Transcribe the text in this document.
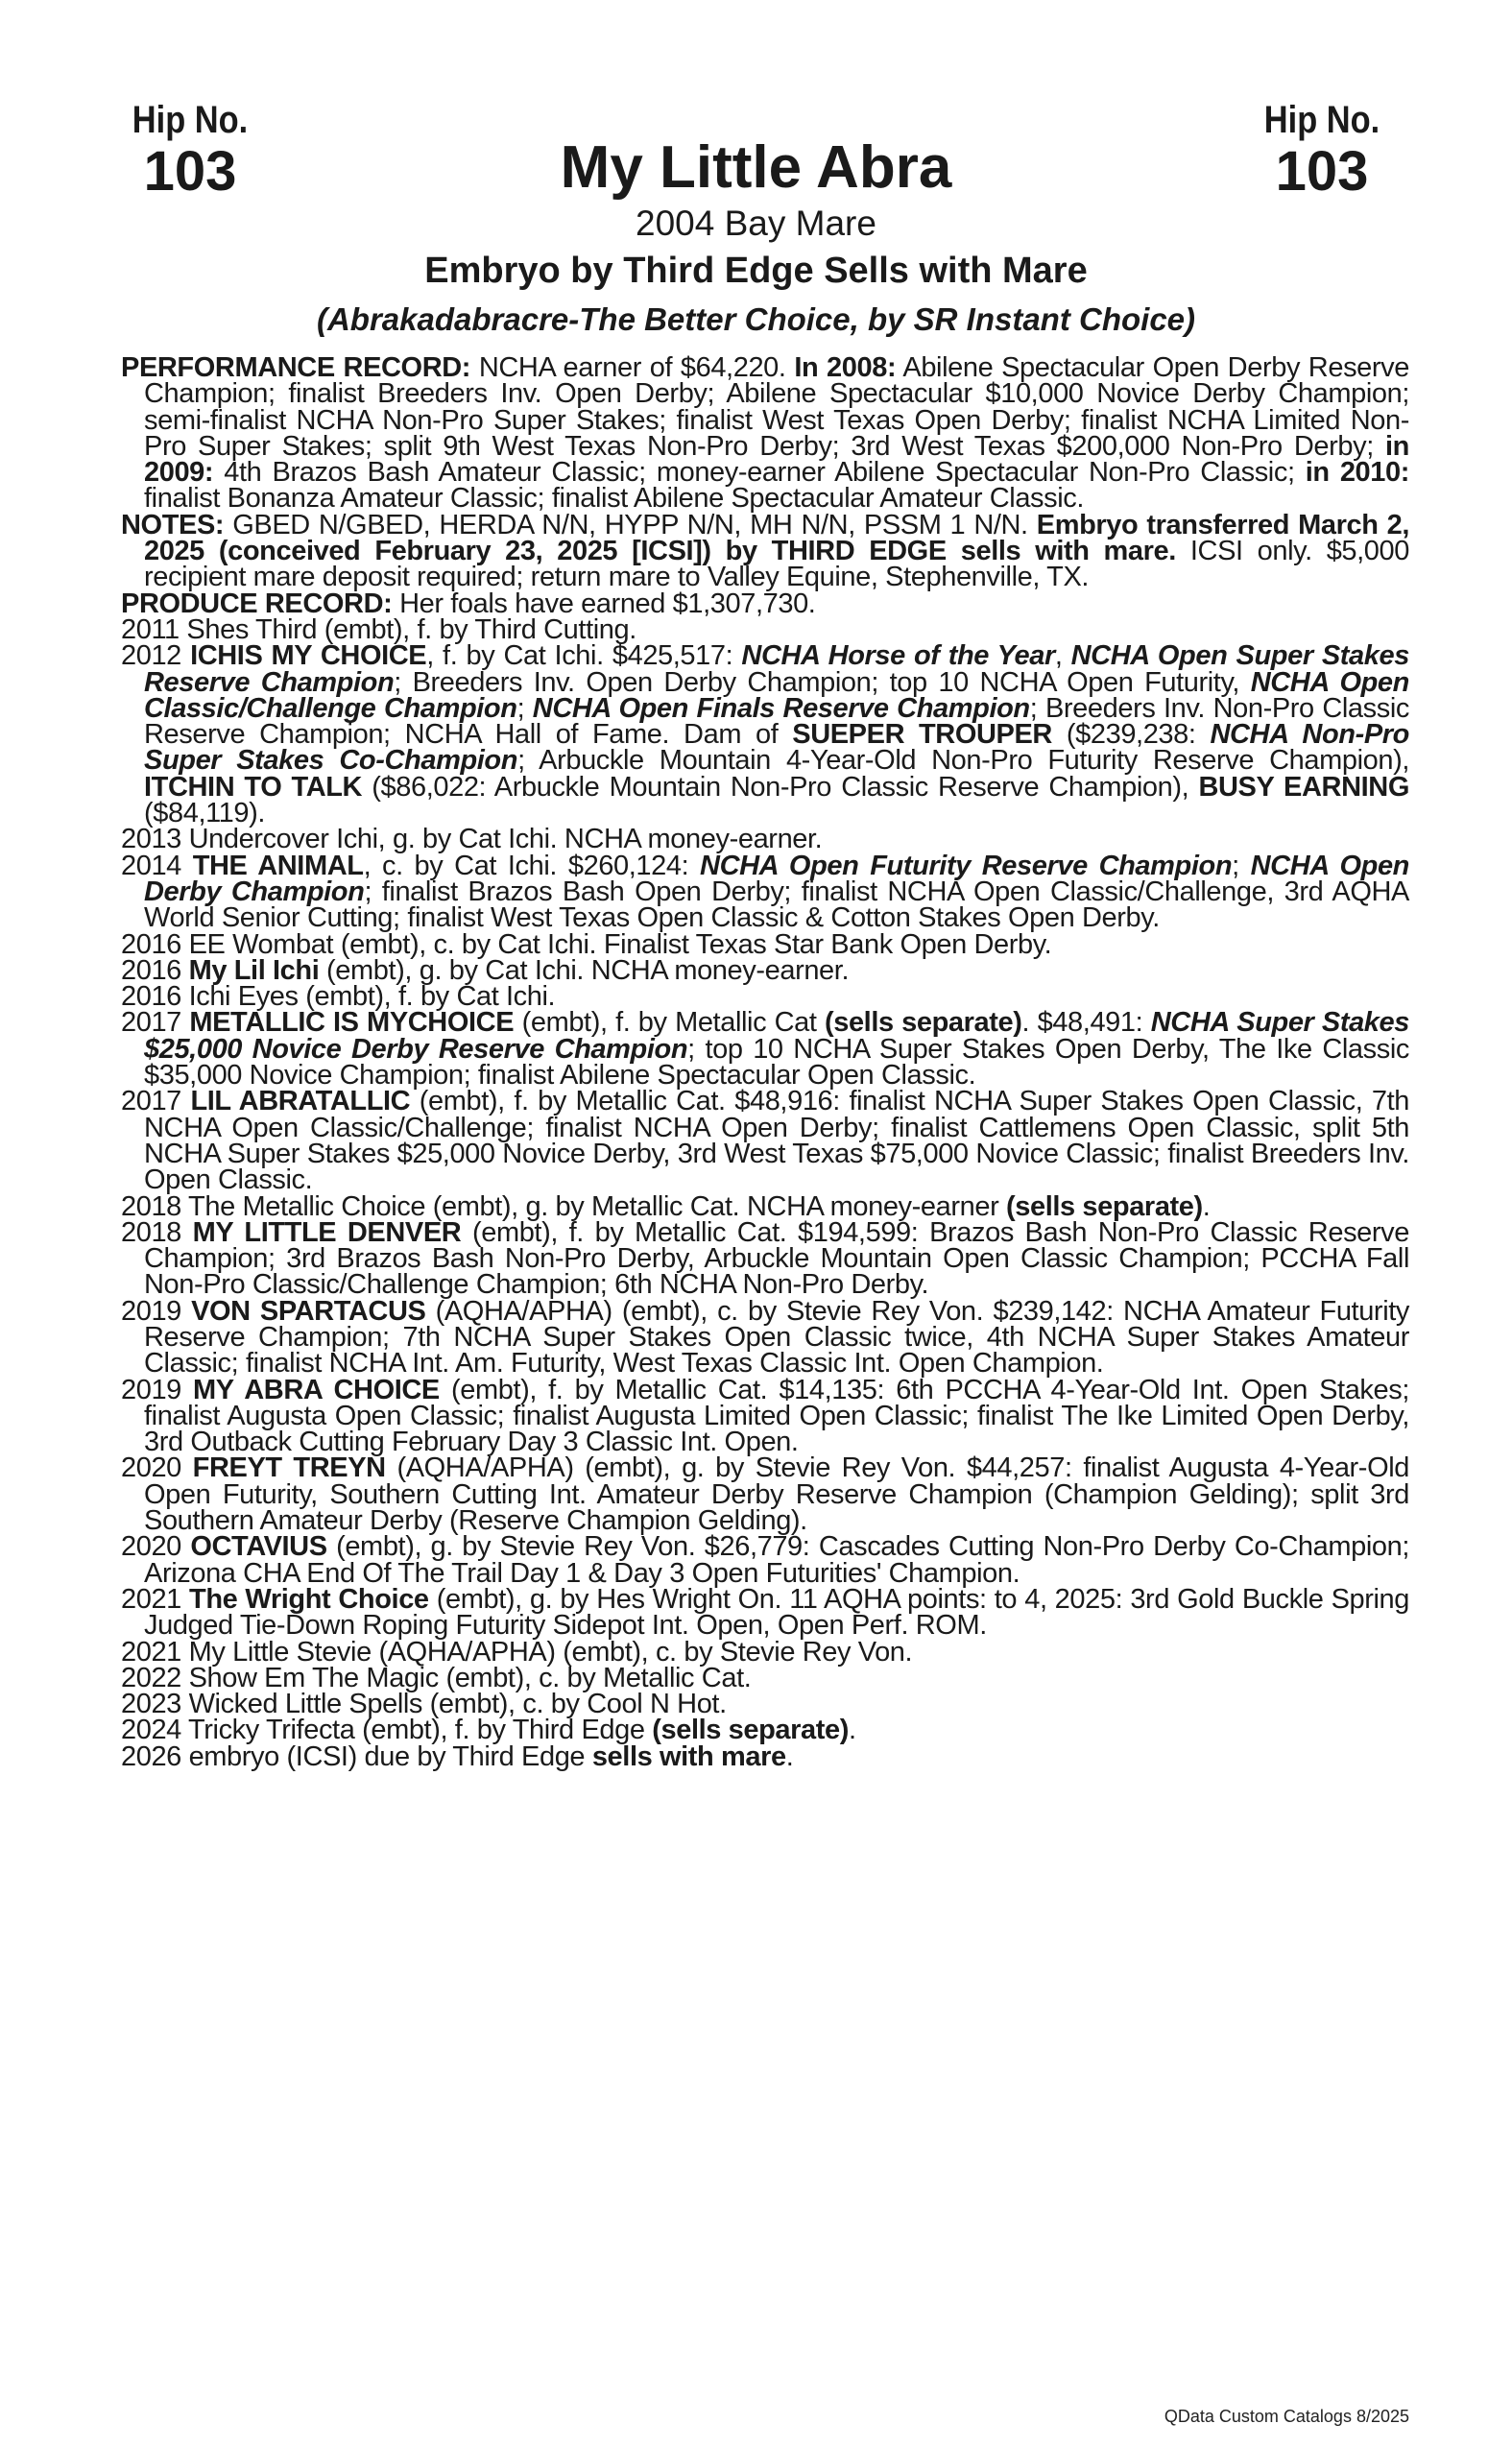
Hip No.
103
Hip No.
103
My Little Abra
2004 Bay Mare
Embryo by Third Edge Sells with Mare
(Abrakadabracre-The Better Choice, by SR Instant Choice)

PERFORMANCE RECORD: NCHA earner of $64,220. In 2008: Abilene Spectacular Open Derby Reserve Champion; finalist Breeders Inv. Open Derby; Abilene Spectacular $10,000 Novice Derby Champion; semi-finalist NCHA Non-Pro Super Stakes; finalist West Texas Open Derby; finalist NCHA Limited Non-Pro Super Stakes; split 9th West Texas Non-Pro Derby; 3rd West Texas $200,000 Non-Pro Derby; in 2009: 4th Brazos Bash Amateur Classic; money-earner Abilene Spectacular Non-Pro Classic; in 2010: finalist Bonanza Amateur Classic; finalist Abilene Spectacular Amateur Classic.

NOTES: GBED N/GBED, HERDA N/N, HYPP N/N, MH N/N, PSSM 1 N/N. Embryo transferred March 2, 2025 (conceived February 23, 2025 [ICSI]) by THIRD EDGE sells with mare. ICSI only. $5,000 recipient mare deposit required; return mare to Valley Equine, Stephenville, TX.

PRODUCE RECORD: Her foals have earned $1,307,730.

2011 Shes Third (embt), f. by Third Cutting.

2012 ICHIS MY CHOICE, f. by Cat Ichi. $425,517: NCHA Horse of the Year, NCHA Open Super Stakes Reserve Champion; Breeders Inv. Open Derby Champion; top 10 NCHA Open Futurity, NCHA Open Classic/Challenge Champion; NCHA Open Finals Reserve Champion; Breeders Inv. Non-Pro Classic Reserve Champion; NCHA Hall of Fame. Dam of SUEPER TROUPER ($239,238: NCHA Non-Pro Super Stakes Co-Champion; Arbuckle Mountain 4-Year-Old Non-Pro Futurity Reserve Champion), ITCHIN TO TALK ($86,022: Arbuckle Mountain Non-Pro Classic Reserve Champion), BUSY EARNING ($84,119).

2013 Undercover Ichi, g. by Cat Ichi. NCHA money-earner.

2014 THE ANIMAL, c. by Cat Ichi. $260,124: NCHA Open Futurity Reserve Champion; NCHA Open Derby Champion; finalist Brazos Bash Open Derby; finalist NCHA Open Classic/Challenge, 3rd AQHA World Senior Cutting; finalist West Texas Open Classic & Cotton Stakes Open Derby.

2016 EE Wombat (embt), c. by Cat Ichi. Finalist Texas Star Bank Open Derby.

2016 My Lil Ichi (embt), g. by Cat Ichi. NCHA money-earner.

2016 Ichi Eyes (embt), f. by Cat Ichi.

2017 METALLIC IS MYCHOICE (embt), f. by Metallic Cat (sells separate). $48,491: NCHA Super Stakes $25,000 Novice Derby Reserve Champion; top 10 NCHA Super Stakes Open Derby, The Ike Classic $35,000 Novice Champion; finalist Abilene Spectacular Open Classic.

2017 LIL ABRATALLIC (embt), f. by Metallic Cat. $48,916: finalist NCHA Super Stakes Open Classic, 7th NCHA Open Classic/Challenge; finalist NCHA Open Derby; finalist Cattlemens Open Classic, split 5th NCHA Super Stakes $25,000 Novice Derby, 3rd West Texas $75,000 Novice Classic; finalist Breeders Inv. Open Classic.

2018 The Metallic Choice (embt), g. by Metallic Cat. NCHA money-earner (sells separate).

2018 MY LITTLE DENVER (embt), f. by Metallic Cat. $194,599: Brazos Bash Non-Pro Classic Reserve Champion; 3rd Brazos Bash Non-Pro Derby, Arbuckle Mountain Open Classic Champion; PCCHA Fall Non-Pro Classic/Challenge Champion; 6th NCHA Non-Pro Derby.

2019 VON SPARTACUS (AQHA/APHA) (embt), c. by Stevie Rey Von. $239,142: NCHA Amateur Futurity Reserve Champion; 7th NCHA Super Stakes Open Classic twice, 4th NCHA Super Stakes Amateur Classic; finalist NCHA Int. Am. Futurity, West Texas Classic Int. Open Champion.

2019 MY ABRA CHOICE (embt), f. by Metallic Cat. $14,135: 6th PCCHA 4-Year-Old Int. Open Stakes; finalist Augusta Open Classic; finalist Augusta Limited Open Classic; finalist The Ike Limited Open Derby, 3rd Outback Cutting February Day 3 Classic Int. Open.

2020 FREYT TREYN (AQHA/APHA) (embt), g. by Stevie Rey Von. $44,257: finalist Augusta 4-Year-Old Open Futurity, Southern Cutting Int. Amateur Derby Reserve Champion (Champion Gelding); split 3rd Southern Amateur Derby (Reserve Champion Gelding).

2020 OCTAVIUS (embt), g. by Stevie Rey Von. $26,779: Cascades Cutting Non-Pro Derby Co-Champion; Arizona CHA End Of The Trail Day 1 & Day 3 Open Futurities' Champion.

2021 The Wright Choice (embt), g. by Hes Wright On. 11 AQHA points: to 4, 2025: 3rd Gold Buckle Spring Judged Tie-Down Roping Futurity Sidepot Int. Open, Open Perf. ROM.

2021 My Little Stevie (AQHA/APHA) (embt), c. by Stevie Rey Von.

2022 Show Em The Magic (embt), c. by Metallic Cat.

2023 Wicked Little Spells (embt), c. by Cool N Hot.

2024 Tricky Trifecta (embt), f. by Third Edge (sells separate).

2026 embryo (ICSI) due by Third Edge sells with mare.

QData Custom Catalogs 8/2025
